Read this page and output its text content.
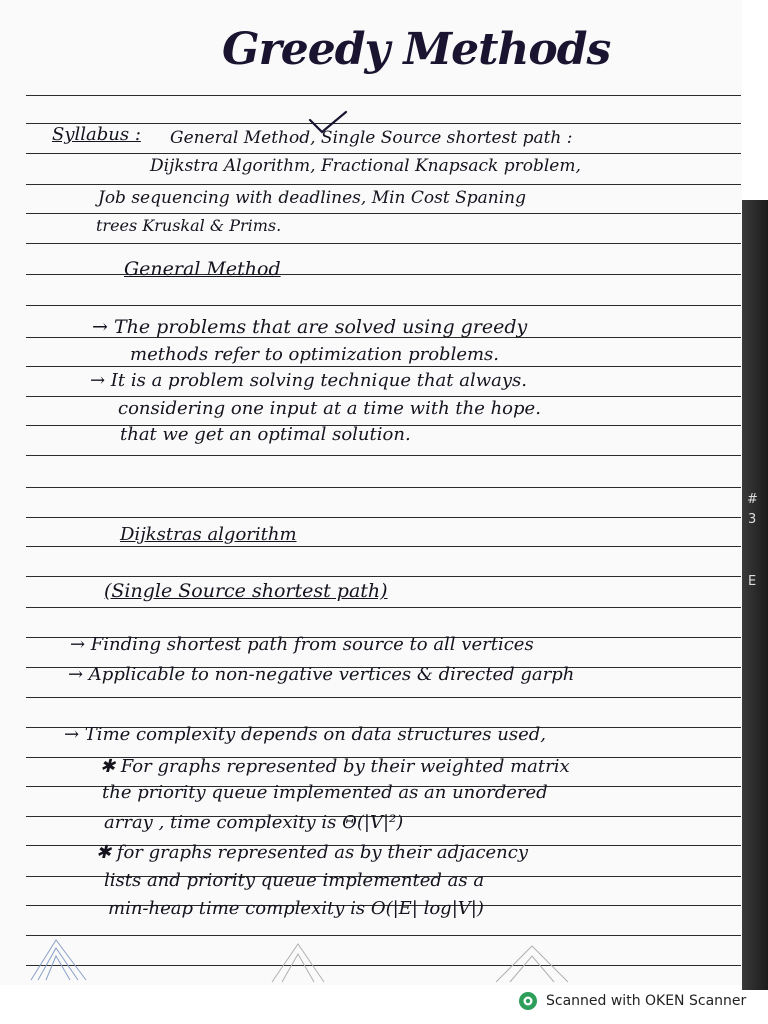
Greedy Methods
Syllabus : General Method, Single Source shortest path :
Dijkstra Algorithm, Fractional Knapsack problem,
Job sequencing with deadlines, Min Cost Spaning
trees Kruskal & Prims.
General Method
→ The problems that are solved using greedy
methods refer to optimization problems.
→ It is a problem solving technique that always.
considering one input at a time with the hope.
that we get an optimal solution.
Dijkstras algorithm
(Single Source shortest path)
→ Finding shortest path from source to all vertices
→ Applicable to non-negative vertices & directed garph
→ Time complexity depends on data structures used,
✱ For graphs represented by their weighted matrix
the priority queue implemented as an unordered
array , time complexity is Θ(|V|²)
✱ for graphs represented as by their adjacency
lists and priority queue implemented as a
min-heap time complexity is O(|E| log|V|)
#
3
E
Scanned with OKEN Scanner
